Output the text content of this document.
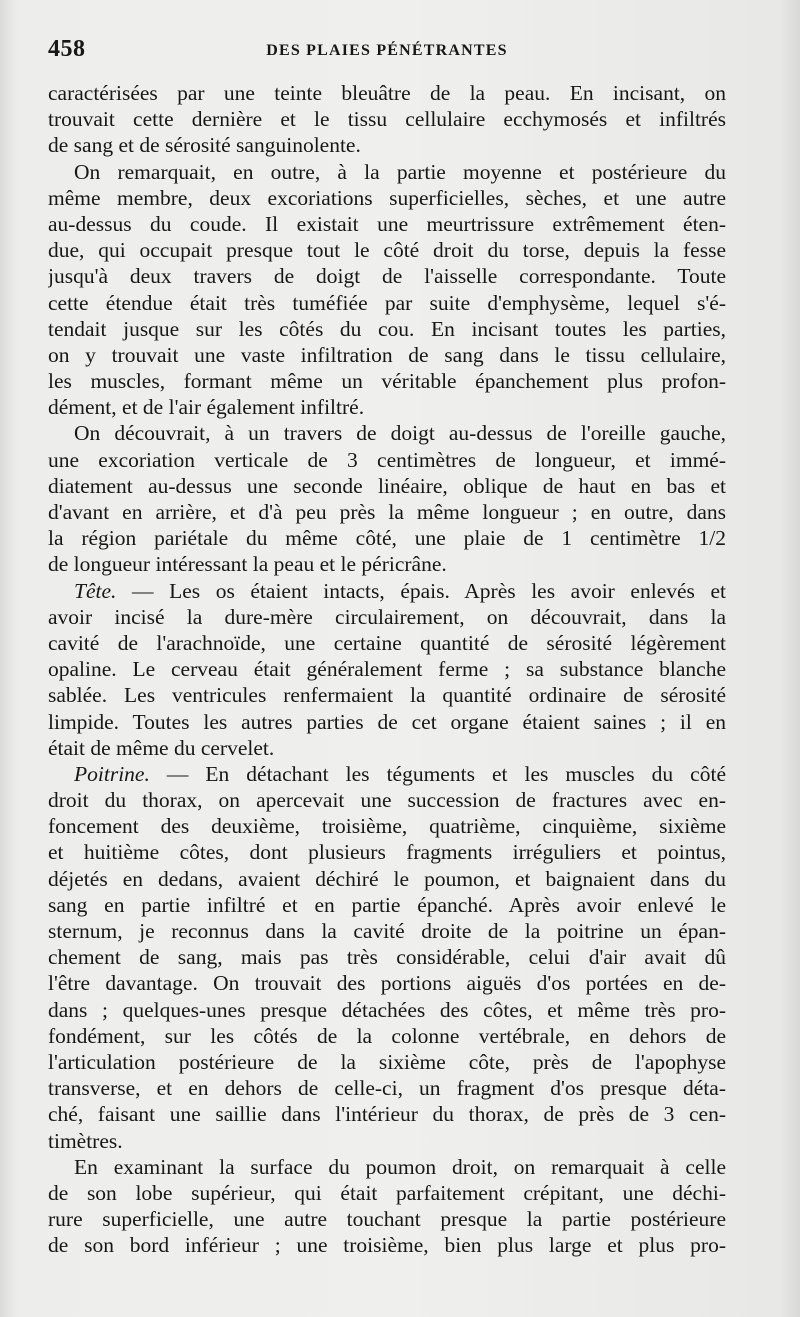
458	DES PLAIES PÉNÉTRANTES
caractérisées par une teinte bleuâtre de la peau. En incisant, on
trouvait cette dernière et le tissu cellulaire ecchymosés et infiltrés
de sang et de sérosité sanguinolente.
On remarquait, en outre, à la partie moyenne et postérieure du
même membre, deux excoriations superficielles, sèches, et une autre
au-dessus du coude. Il existait une meurtrissure extrêmement éten-
due, qui occupait presque tout le côté droit du torse, depuis la fesse
jusqu'à deux travers de doigt de l'aisselle correspondante. Toute
cette étendue était très tuméfiée par suite d'emphysème, lequel s'é-
tendait jusque sur les côtés du cou. En incisant toutes les parties,
on y trouvait une vaste infiltration de sang dans le tissu cellulaire,
les muscles, formant même un véritable épanchement plus profon-
dément, et de l'air également infiltré.
On découvrait, à un travers de doigt au-dessus de l'oreille gauche,
une excoriation verticale de 3 centimètres de longueur, et immé-
diatement au-dessus une seconde linéaire, oblique de haut en bas et
d'avant en arrière, et d'à peu près la même longueur ; en outre, dans
la région pariétale du même côté, une plaie de 1 centimètre 1/2
de longueur intéressant la peau et le péricrâne.
Tête. — Les os étaient intacts, épais. Après les avoir enlevés et
avoir incisé la dure-mère circulairement, on découvrait, dans la
cavité de l'arachnoïde, une certaine quantité de sérosité légèrement
opaline. Le cerveau était généralement ferme ; sa substance blanche
sablée. Les ventricules renfermaient la quantité ordinaire de sérosité
limpide. Toutes les autres parties de cet organe étaient saines ; il en
était de même du cervelet.
Poitrine. — En détachant les téguments et les muscles du côté
droit du thorax, on apercevait une succession de fractures avec en-
foncement des deuxième, troisième, quatrième, cinquième, sixième
et huitième côtes, dont plusieurs fragments irréguliers et pointus,
déjetés en dedans, avaient déchiré le poumon, et baignaient dans du
sang en partie infiltré et en partie épanché. Après avoir enlevé le
sternum, je reconnus dans la cavité droite de la poitrine un épan-
chement de sang, mais pas très considérable, celui d'air avait dû
l'être davantage. On trouvait des portions aiguës d'os portées en de-
dans ; quelques-unes presque détachées des côtes, et même très pro-
fondément, sur les côtés de la colonne vertébrale, en dehors de
l'articulation postérieure de la sixième côte, près de l'apophyse
transverse, et en dehors de celle-ci, un fragment d'os presque déta-
ché, faisant une saillie dans l'intérieur du thorax, de près de 3 cen-
timètres.
En examinant la surface du poumon droit, on remarquait à celle
de son lobe supérieur, qui était parfaitement crépitant, une déchi-
rure superficielle, une autre touchant presque la partie postérieure
de son bord inférieur ; une troisième, bien plus large et plus pro-
